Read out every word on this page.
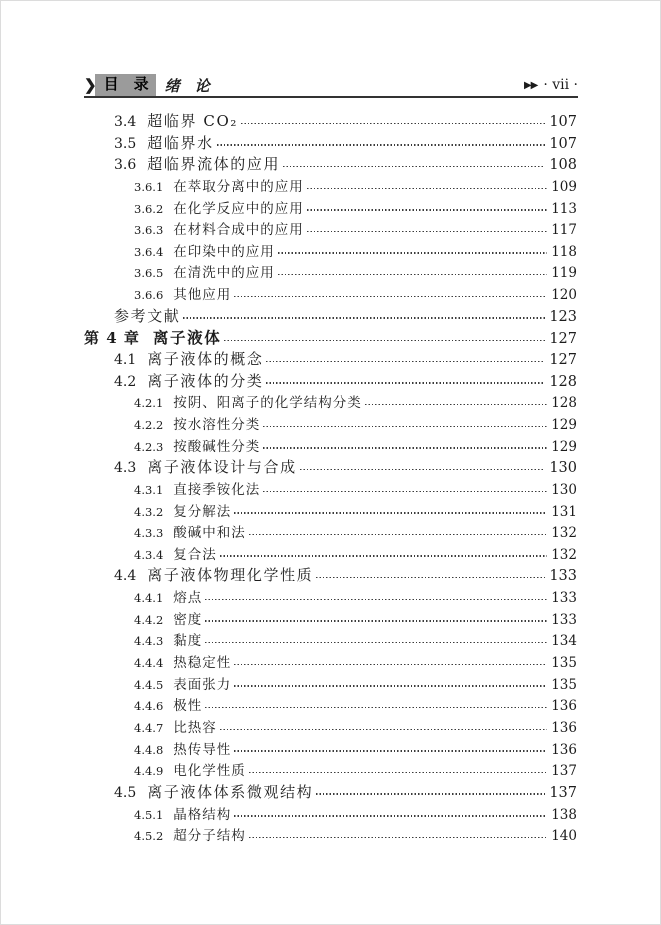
❯ 目　录	绪　论	▶▶ · vii ·
3.4 超临界 CO₂	107
3.5 超临界水	107
3.6 超临界流体的应用	108
3.6.1 在萃取分离中的应用	109
3.6.2 在化学反应中的应用	113
3.6.3 在材料合成中的应用	117
3.6.4 在印染中的应用	118
3.6.5 在清洗中的应用	119
3.6.6 其他应用	120
参考文献	123
第 4 章 离子液体	127
4.1 离子液体的概念	127
4.2 离子液体的分类	128
4.2.1 按阴、阳离子的化学结构分类	128
4.2.2 按水溶性分类	129
4.2.3 按酸碱性分类	129
4.3 离子液体设计与合成	130
4.3.1 直接季铵化法	130
4.3.2 复分解法	131
4.3.3 酸碱中和法	132
4.3.4 复合法	132
4.4 离子液体物理化学性质	133
4.4.1 熔点	133
4.4.2 密度	133
4.4.3 黏度	134
4.4.4 热稳定性	135
4.4.5 表面张力	135
4.4.6 极性	136
4.4.7 比热容	136
4.4.8 热传导性	136
4.4.9 电化学性质	137
4.5 离子液体体系微观结构	137
4.5.1 晶格结构	138
4.5.2 超分子结构	140
